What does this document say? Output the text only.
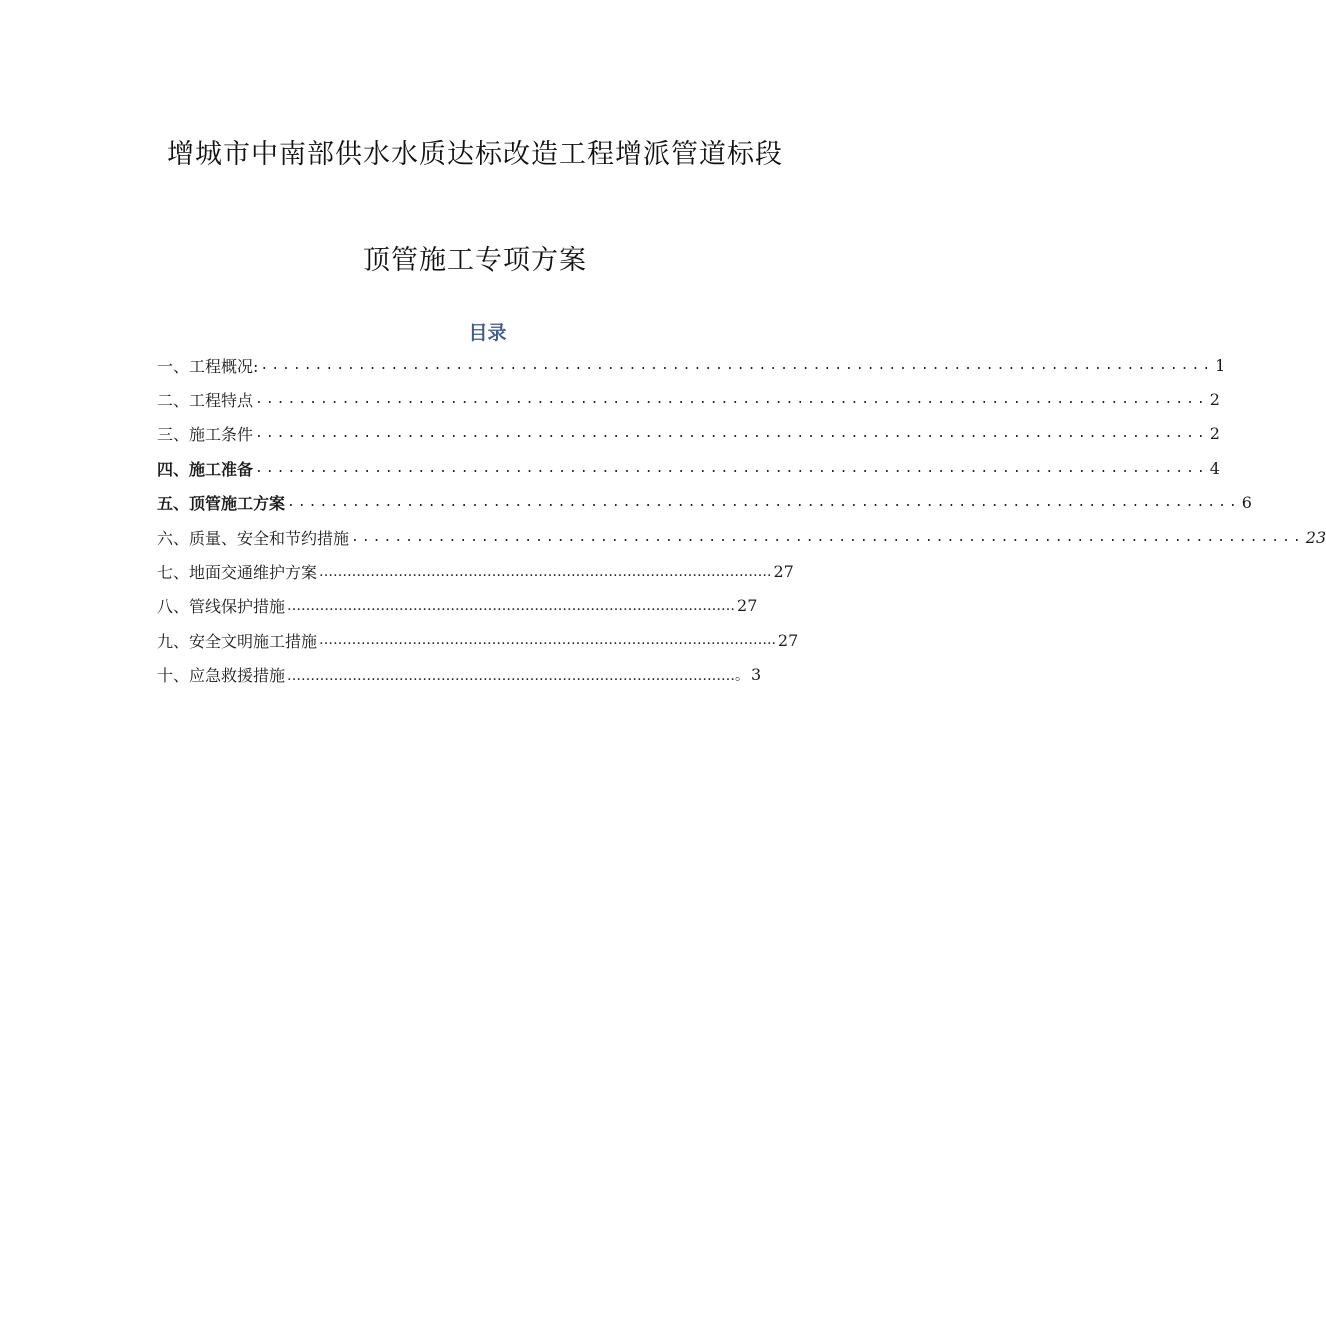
增城市中南部供水水质达标改造工程增派管道标段
顶管施工专项方案
目录
一、工程概况: ........................................................................................ 1
二、工程特点 ........................................................................................ 2
三、施工条件 ........................................................................................ 2
四、施工准备 ........................................................................................ 4
五、顶管施工方案 ........................................................................................ 6
六、质量、安全和节约措施 ........................................................................................ 23
七、地面交通维护方案 ……………………………………………………………………………………. 27
八、管线保护措施 …………………………………………………………………………………… 27
九、安全文明施工措施 …………………………………………………………………………………….. 27
十、应急救援措施 ……………………………………………………………………………………。 3
